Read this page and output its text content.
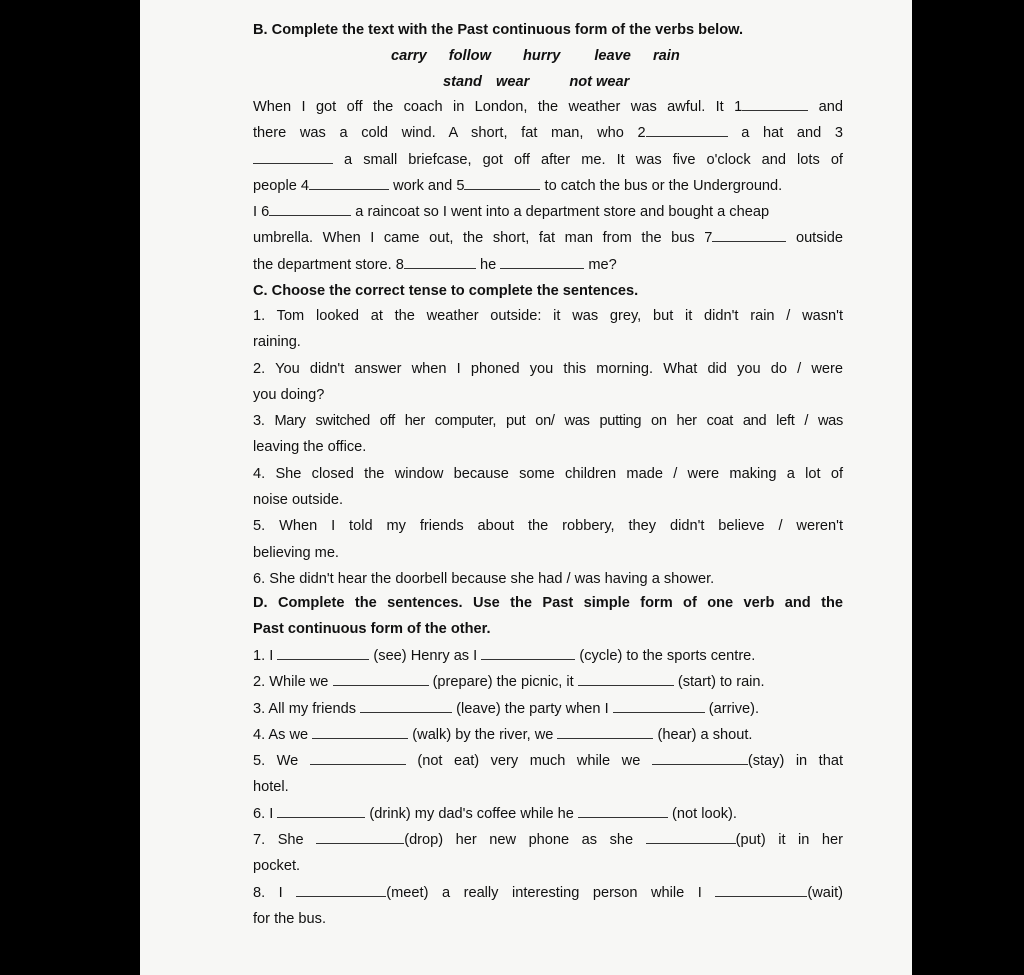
B. Complete the text with the Past continuous form of the verbs below.
carry follow hurry leave rain
stand wear	not wear
When I got off the coach in London, the weather was awful. It 1	and
there was a cold wind. A short, fat man, who 2	a hat and 3
a small briefcase, got off after me. It was five o'clock and lots of
people 4	work and 5	to catch the bus or the Underground.
I 6	a raincoat so I went into a department store and bought a cheap
umbrella. When I came out, the short, fat man from the bus 7	outside
the department store. 8	he	me?
C. Choose the correct tense to complete the sentences.
1. Tom looked at the weather outside: it was grey, but it didn't rain / wasn't
raining.
2. You didn't answer when I phoned you this morning. What did you do / were
you doing?
3. Mary switched off her computer, put on/ was putting on her coat and left / was
leaving the office.
4. She closed the window because some children made / were making a lot of
noise outside.
5. When I told my friends about the robbery, they didn't believe / weren't
believing me.
6. She didn't hear the doorbell because she had / was having a shower.
D. Complete the sentences. Use the Past simple form of one verb and the
Past continuous form of the other.
1. I	(see) Henry as I	(cycle) to the sports centre.
2. While we	(prepare) the picnic, it	(start) to rain.
3. All my friends	(leave) the party when I	(arrive).
4. As we	(walk) by the river, we	(hear) a shout.
5. We	(not eat) very much while we	(stay) in that
hotel.
6. I	(drink) my dad's coffee while he	(not look).
7. She	(drop) her new phone as she	(put) it in her
pocket.
8. I	(meet) a really interesting person while I	(wait)
for the bus.
